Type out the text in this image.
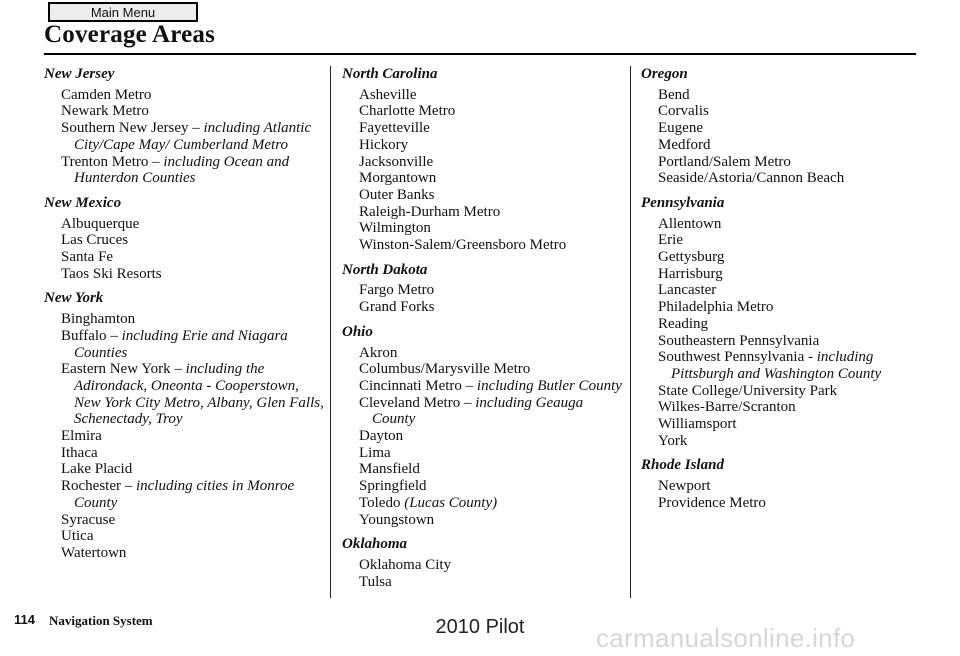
Main Menu
Coverage Areas
New Jersey
Camden Metro
Newark Metro
Southern New Jersey – including Atlantic City/Cape May/ Cumberland Metro
Trenton Metro – including Ocean and Hunterdon Counties
New Mexico
Albuquerque
Las Cruces
Santa Fe
Taos Ski Resorts
New York
Binghamton
Buffalo – including Erie and Niagara Counties
Eastern New York – including the Adirondack, Oneonta - Cooperstown, New York City Metro, Albany, Glen Falls, Schenectady, Troy
Elmira
Ithaca
Lake Placid
Rochester – including cities in Monroe County
Syracuse
Utica
Watertown
North Carolina
Asheville
Charlotte Metro
Fayetteville
Hickory
Jacksonville
Morgantown
Outer Banks
Raleigh-Durham Metro
Wilmington
Winston-Salem/Greensboro Metro
North Dakota
Fargo Metro
Grand Forks
Ohio
Akron
Columbus/Marysville Metro
Cincinnati Metro – including Butler County
Cleveland Metro – including Geauga County
Dayton
Lima
Mansfield
Springfield
Toledo (Lucas County)
Youngstown
Oklahoma
Oklahoma City
Tulsa
Oregon
Bend
Corvalis
Eugene
Medford
Portland/Salem Metro
Seaside/Astoria/Cannon Beach
Pennsylvania
Allentown
Erie
Gettysburg
Harrisburg
Lancaster
Philadelphia Metro
Reading
Southeastern Pennsylvania
Southwest Pennsylvania - including Pittsburgh and Washington County
State College/University Park
Wilkes-Barre/Scranton
Williamsport
York
Rhode Island
Newport
Providence Metro
114 Navigation System	2010 Pilot	carmanualsonline.info
